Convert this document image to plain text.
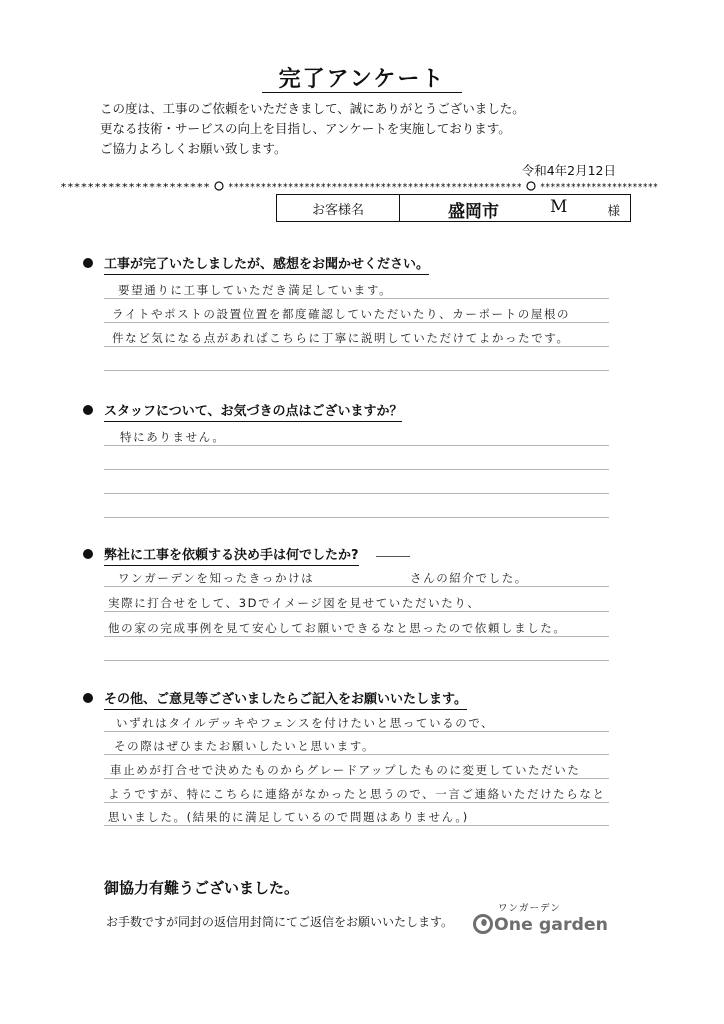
完了アンケート
この度は、工事のご依頼をいただきまして、誠にありがとうございました。
更なる技術・サービスの向上を目指し、アンケートを実施しております。
ご協力よろしくお願い致します。
令和4年2月12日
********************** ****************************************************** ***********************
お客様名	盛岡市	M	様
工事が完了いたしましたが、感想をお聞かせください。
要望通りに工事していただき満足しています。
ライトやポストの設置位置を都度確認していただいたり、カーポートの屋根の
件など気になる点があればこちらに丁寧に説明していただけてよかったです。
スタッフについて、お気づきの点はございますか？
特にありません。
弊社に工事を依頼する決め手は何でしたか?
ワンガーデンを知ったきっかけは	さんの紹介でした。
実際に打合せをして、3Dでイメージ図を見せていただいたり、
他の家の完成事例を見て安心してお願いできるなと思ったので依頼しました。
その他、ご意見等ございましたらご記入をお願いいたします。
いずれはタイルデッキやフェンスを付けたいと思っているので、
その際はぜひまたお願いしたいと思います。
車止めが打合せで決めたものからグレードアップしたものに変更していただいた
ようですが、特にこちらに連絡がなかったと思うので、一言ご連絡いただけたらなと
思いました。(結果的に満足しているので問題はありません。)
御協力有難うございました。
お手数ですが同封の返信用封筒にてご返信をお願いいたします。
ワンガーデン
One garden
